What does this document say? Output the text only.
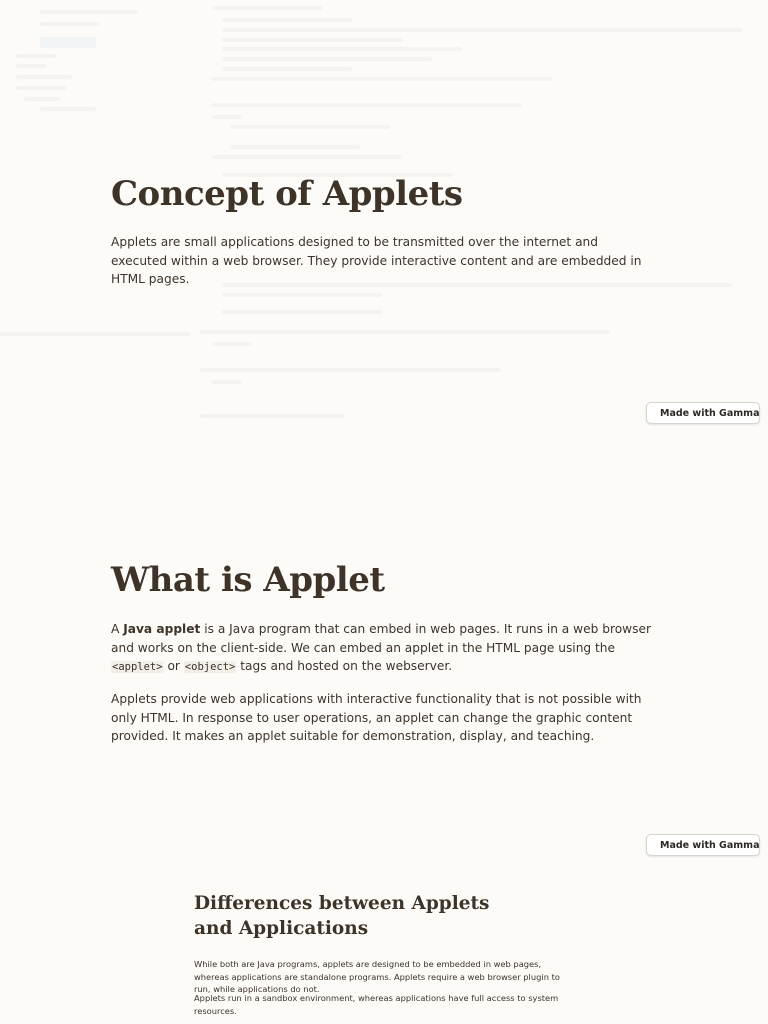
Concept of Applets

Applets are small applications designed to be transmitted over the internet and executed within a web browser. They provide interactive content and are embedded in HTML pages.

Made with Gamma
What is Applet

A Java applet is a Java program that can embed in web pages. It runs in a web browser and works on the client-side. We can embed an applet in the HTML page using the <applet> or <object> tags and hosted on the webserver.

Applets provide web applications with interactive functionality that is not possible with only HTML. In response to user operations, an applet can change the graphic content provided. It makes an applet suitable for demonstration, display, and teaching.

Made with Gamma
Differences between Applets and Applications

While both are Java programs, applets are designed to be embedded in web pages, whereas applications are standalone programs. Applets require a web browser plugin to run, while applications do not.

Applets run in a sandbox environment, whereas applications have full access to system resources.
